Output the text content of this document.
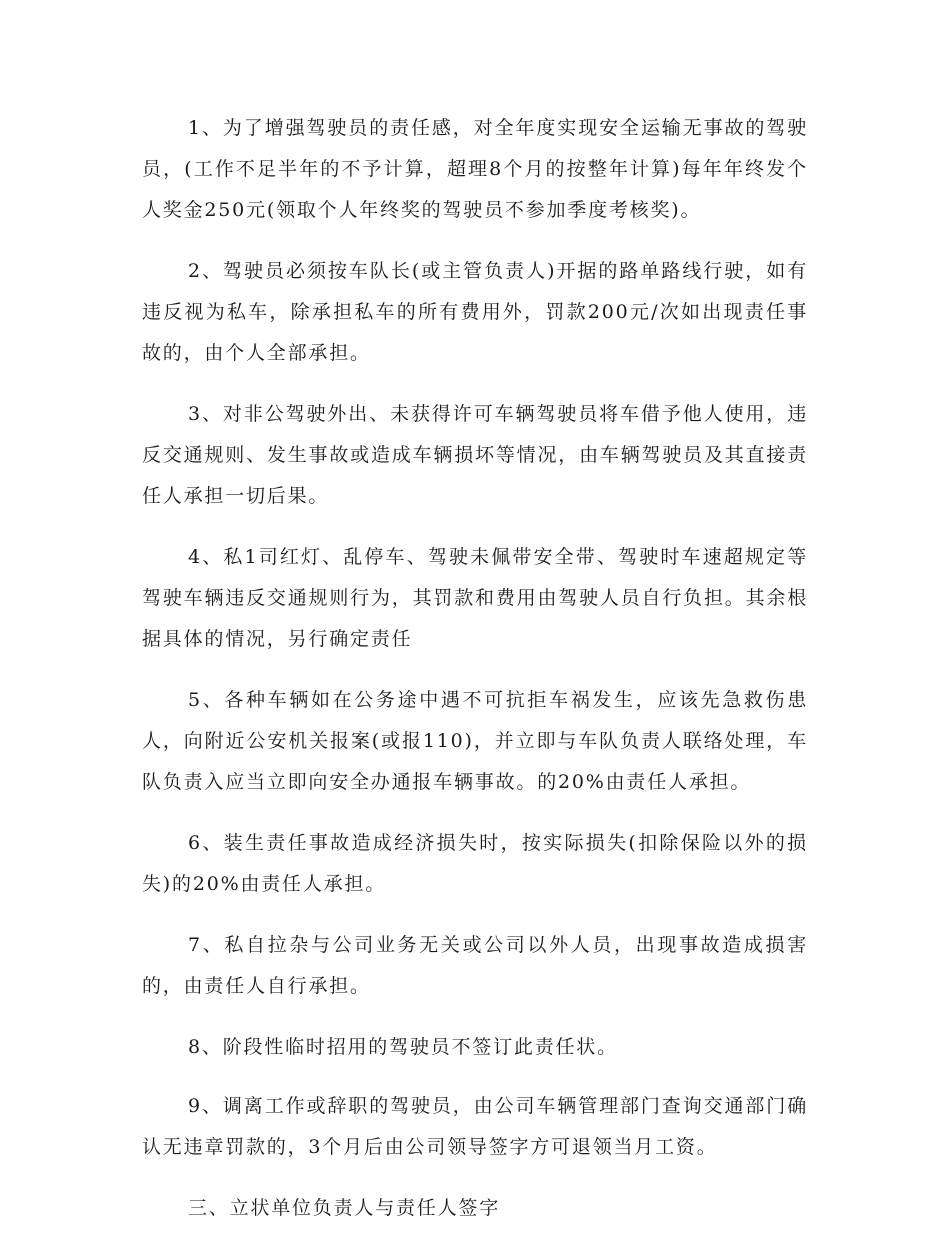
1、为了增强驾驶员的责任感，对全年度实现安全运输无事故的驾驶员，(工作不足半年的不予计算，超理8个月的按整年计算)每年年终发个人奖金250元(领取个人年终奖的驾驶员不参加季度考核奖)。

2、驾驶员必须按车队长(或主管负责人)开据的路单路线行驶，如有违反视为私车，除承担私车的所有费用外，罚款200元/次如出现责任事故的，由个人全部承担。

3、对非公驾驶外出、未获得许可车辆驾驶员将车借予他人使用，违反交通规则、发生事故或造成车辆损坏等情况，由车辆驾驶员及其直接责任人承担一切后果。

4、私1司红灯、乱停车、驾驶未佩带安全带、驾驶时车速超规定等驾驶车辆违反交通规则行为，其罚款和费用由驾驶人员自行负担。其余根据具体的情况，另行确定责任

5、各种车辆如在公务途中遇不可抗拒车祸发生，应该先急救伤患人，向附近公安机关报案(或报110)，并立即与车队负责人联络处理，车队负责入应当立即向安全办通报车辆事故。的20%由责任人承担。

6、装生责任事故造成经济损失时，按实际损失(扣除保险以外的损失)的20%由责任人承担。

7、私自拉杂与公司业务无关或公司以外人员，出现事故造成损害的，由责任人自行承担。

8、阶段性临时招用的驾驶员不签订此责任状。

9、调离工作或辞职的驾驶员，由公司车辆管理部门查询交通部门确认无违章罚款的，3个月后由公司领导签字方可退领当月工资。

三、立状单位负责人与责任人签字
